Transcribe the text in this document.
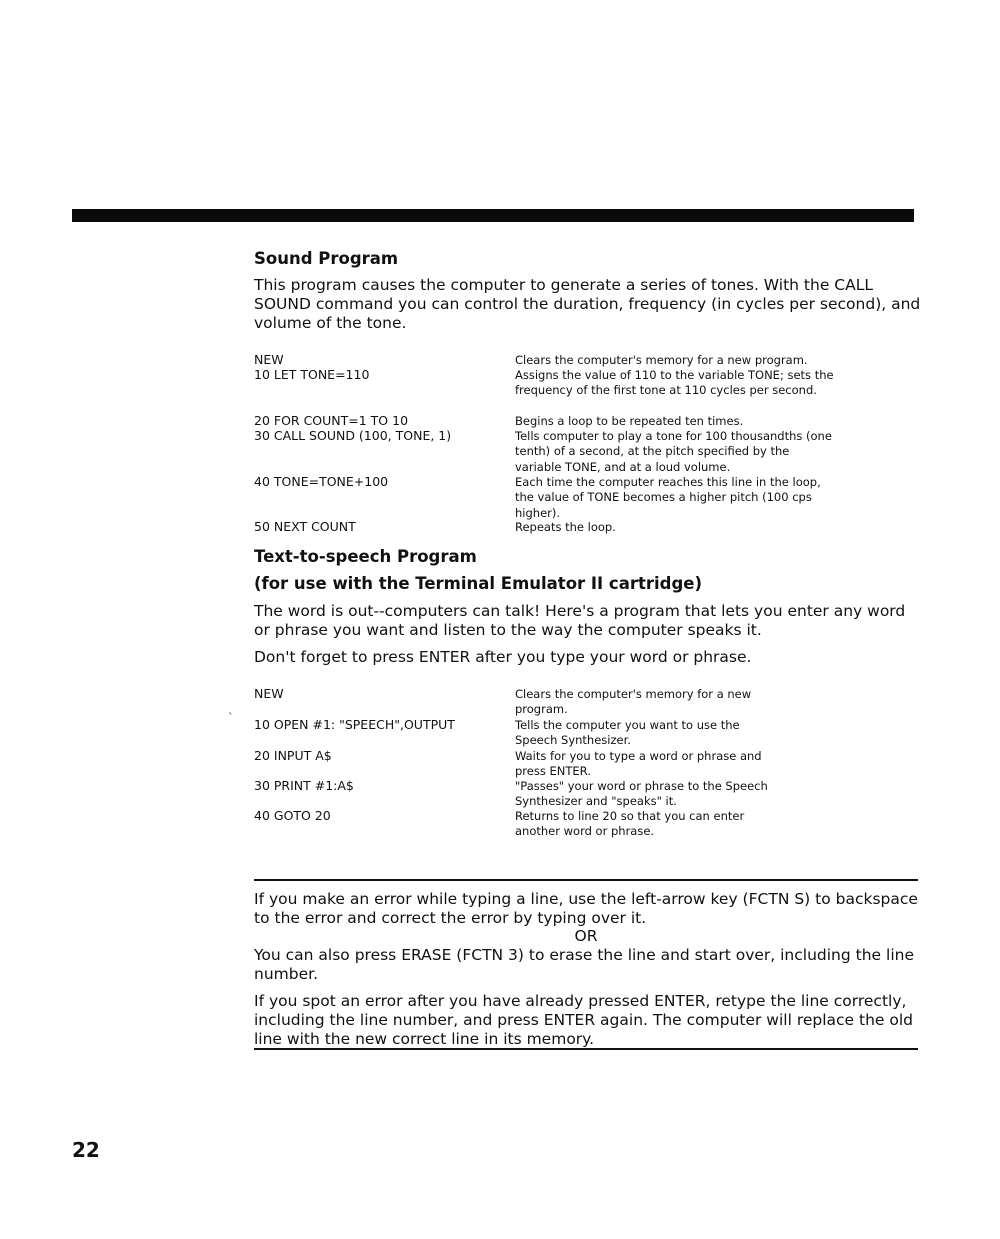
Sound Program

This program causes the computer to generate a series of tones. With the CALL SOUND command you can control the duration, frequency (in cycles per second), and volume of the tone.

NEW	Clears the computer's memory for a new program.
10 LET TONE=110	Assigns the value of 110 to the variable TONE; sets the frequency of the first tone at 110 cycles per second.
20 FOR COUNT=1 TO 10	Begins a loop to be repeated ten times.
30 CALL SOUND (100, TONE, 1)	Tells computer to play a tone for 100 thousandths (one tenth) of a second, at the pitch specified by the variable TONE, and at a loud volume.
40 TONE=TONE+100	Each time the computer reaches this line in the loop, the value of TONE becomes a higher pitch (100 cps higher).
50 NEXT COUNT	Repeats the loop.
Text-to-speech Program
(for use with the Terminal Emulator II cartridge)

The word is out--computers can talk! Here's a program that lets you enter any word or phrase you want and listen to the way the computer speaks it.

Don't forget to press ENTER after you type your word or phrase.

`
NEW	Clears the computer's memory for a new program.
10 OPEN #1: "SPEECH",OUTPUT	Tells the computer you want to use the Speech Synthesizer.
20 INPUT A$	Waits for you to type a word or phrase and press ENTER.
30 PRINT #1:A$	"Passes" your word or phrase to the Speech Synthesizer and "speaks" it.
40 GOTO 20	Returns to line 20 so that you can enter another word or phrase.

If you make an error while typing a line, use the left-arrow key (FCTN S) to backspace to the error and correct the error by typing over it.

OR

You can also press ERASE (FCTN 3) to erase the line and start over, including the line number.

If you spot an error after you have already pressed ENTER, retype the line correctly, including the line number, and press ENTER again. The computer will replace the old line with the new correct line in its memory.

22
